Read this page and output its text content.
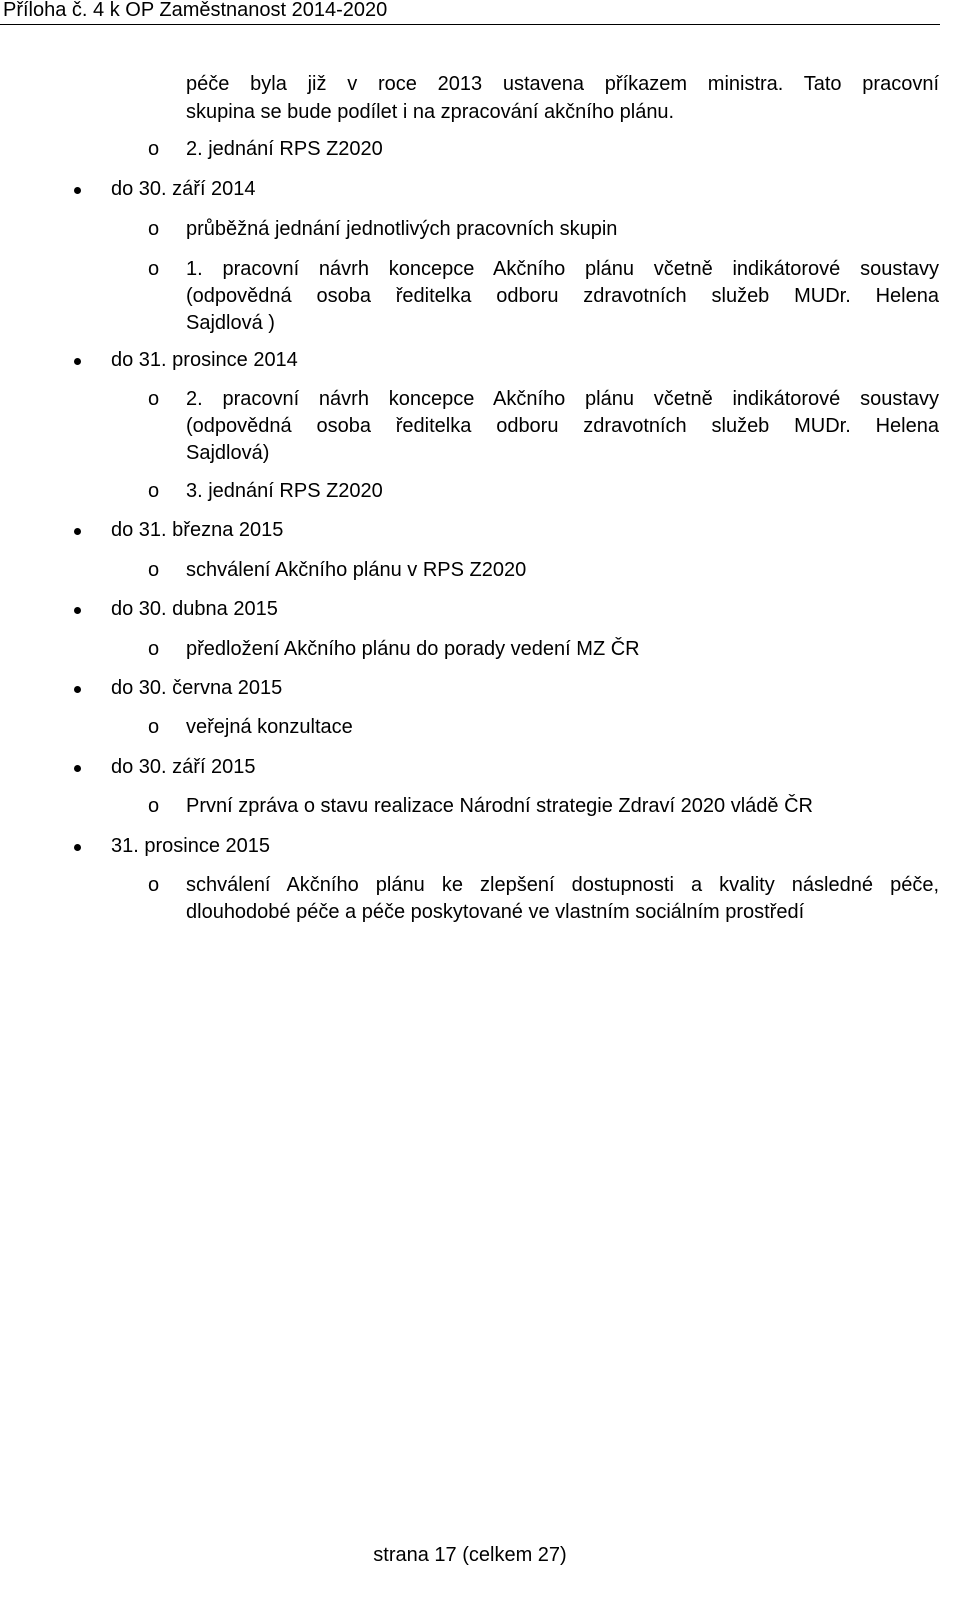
Příloha č. 4 k OP Zaměstnanost 2014-2020
péče byla již v roce 2013 ustavena příkazem ministra. Tato pracovní
skupina se bude podílet i na zpracování akčního plánu.
o 2. jednání RPS Z2020
do 30. září 2014
o průběžná jednání jednotlivých pracovních skupin
o 1. pracovní návrh koncepce Akčního plánu včetně indikátorové soustavy
(odpovědná osoba ředitelka odboru zdravotních služeb MUDr. Helena
Sajdlová )
do 31. prosince 2014
o 2. pracovní návrh koncepce Akčního plánu včetně indikátorové soustavy
(odpovědná osoba ředitelka odboru zdravotních služeb MUDr. Helena
Sajdlová)
o 3. jednání RPS Z2020
do 31. března 2015
o schválení Akčního plánu v RPS Z2020
do 30. dubna 2015
o předložení Akčního plánu do porady vedení MZ ČR
do 30. června 2015
o veřejná konzultace
do 30. září 2015
o První zpráva o stavu realizace Národní strategie Zdraví 2020 vládě ČR
31. prosince 2015
o schválení Akčního plánu ke zlepšení dostupnosti a kvality následné péče,
dlouhodobé péče a péče poskytované ve vlastním sociálním prostředí
strana 17 (celkem 27)
